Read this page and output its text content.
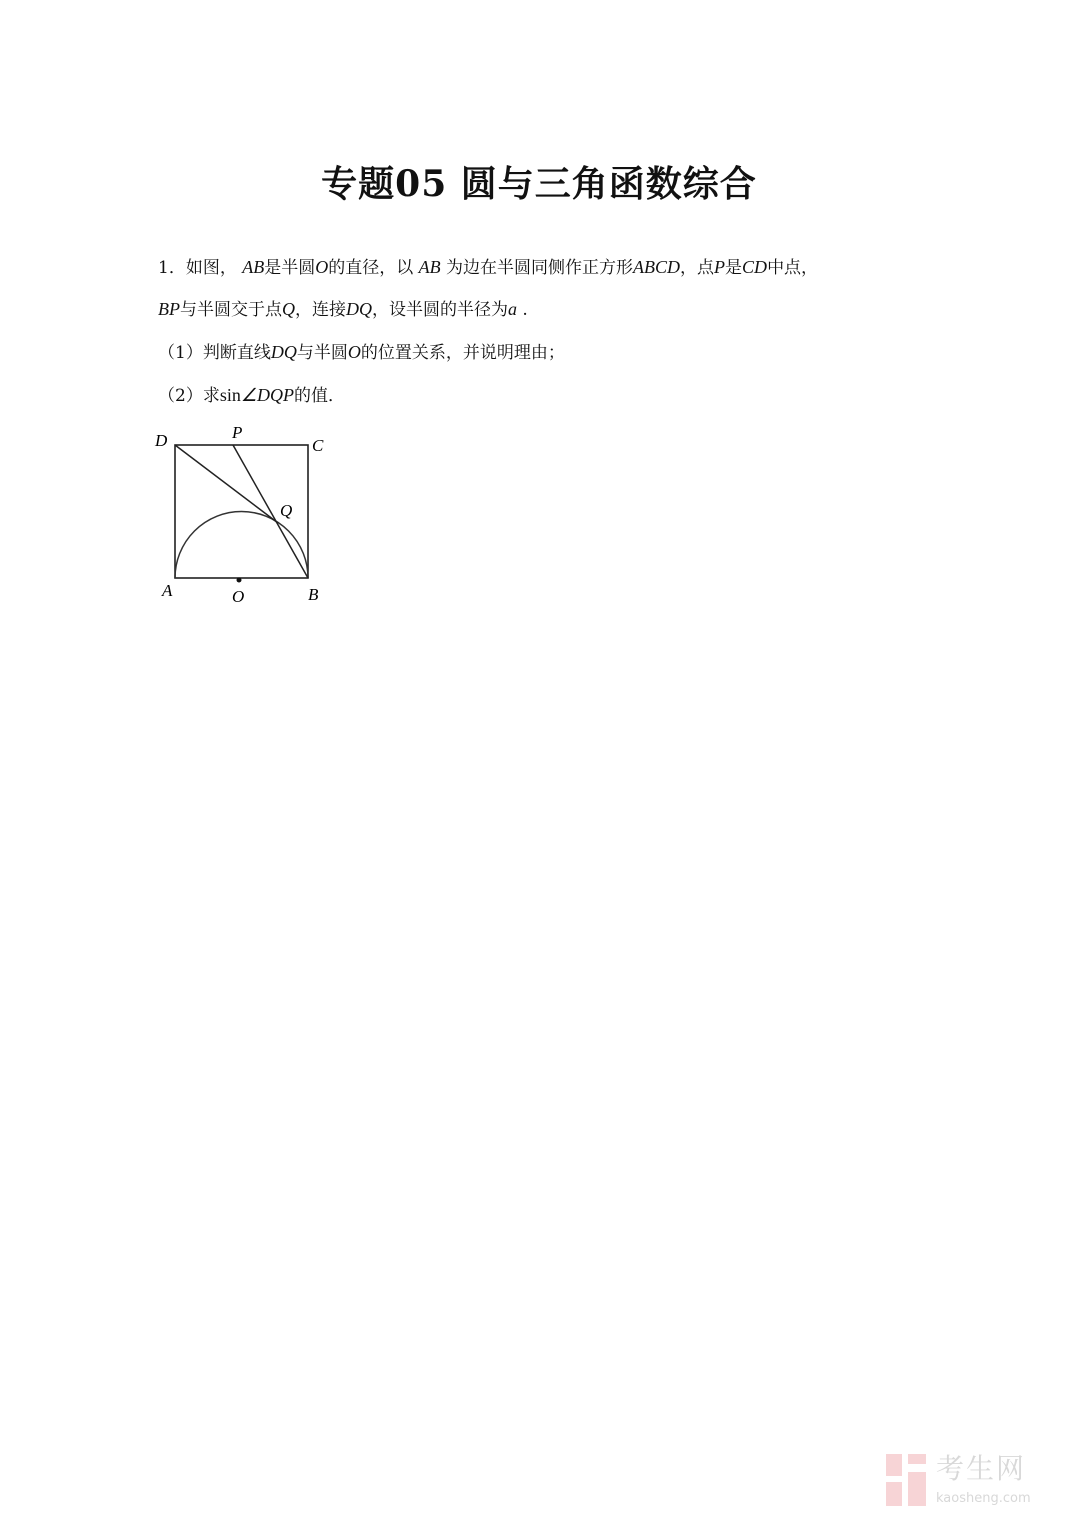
专题05 圆与三角函数综合
1．如图， AB是半圆O的直径，以 AB 为边在半圆同侧作正方形ABCD，点P是CD中点，
BP与半圆交于点Q，连接DQ，设半圆的半径为a .
（1）判断直线DQ与半圆O的位置关系，并说明理由；
（2）求sin∠DQP的值．
D	P
C
Q
A	O	B
考生网
kaosheng.com
